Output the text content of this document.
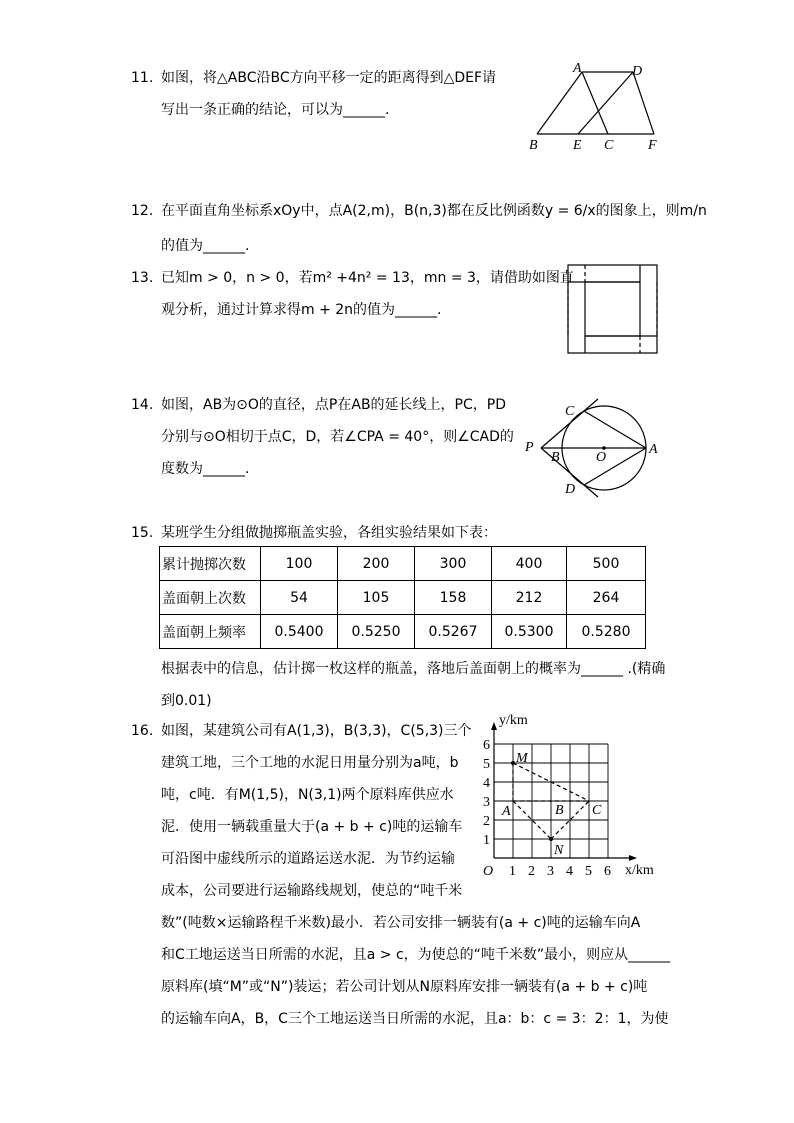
11. 如图，将△ABC沿BC方向平移一定的距离得到△DEF请
写出一条正确的结论，可以为______.
A	D
B	E C F
12. 在平面直角坐标系xOy中，点A(2,m)，B(n,3)都在反比例函数y = 6/x的图象上，则m/n
的值为______.
13. 已知m > 0，n > 0，若m² +4n² = 13，mn = 3，请借助如图直
观分析，通过计算求得m + 2n的值为______.
14. 如图，AB为⊙O的直径，点P在AB的延长线上，PC，PD
分别与⊙O相切于点C，D，若∠CPA = 40°，则∠CAD的
度数为______.
C
P
B	O
A
D
15. 某班学生分组做抛掷瓶盖实验，各组实验结果如下表：
累计抛掷次数	100	200	300	400	500
盖面朝上次数	54	105	158	212	264
盖面朝上频率	0.5400	0.5250	0.5267	0.5300	0.5280
根据表中的信息，估计掷一枚这样的瓶盖，落地后盖面朝上的概率为______ .(精确
到0.01)
16. 如图，某建筑公司有A(1,3)，B(3,3)，C(5,3)三个
建筑工地，三个工地的水泥日用量分别为a吨，b
吨，c吨．有M(1,5)，N(3,1)两个原料库供应水
泥．使用一辆载重量大于(a + b + c)吨的运输车
可沿图中虚线所示的道路运送水泥．为节约运输
成本，公司要进行运输路线规划，使总的“吨千米
数”(吨数×运输路程千米数)最小．若公司安排一辆装有(a + c)吨的运输车向A
和C工地运送当日所需的水泥，且a > c，为使总的“吨千米数”最小，则应从______
原料库(填“M”或“N”)装运；若公司计划从N原料库安排一辆装有(a + b + c)吨
的运输车向A，B，C三个工地运送当日所需的水泥，且a：b：c = 3：2：1，为使
y/km
x/km
O 1 2 3 4 5 6
1
2
3
4
5
6
M
A	B C
N
